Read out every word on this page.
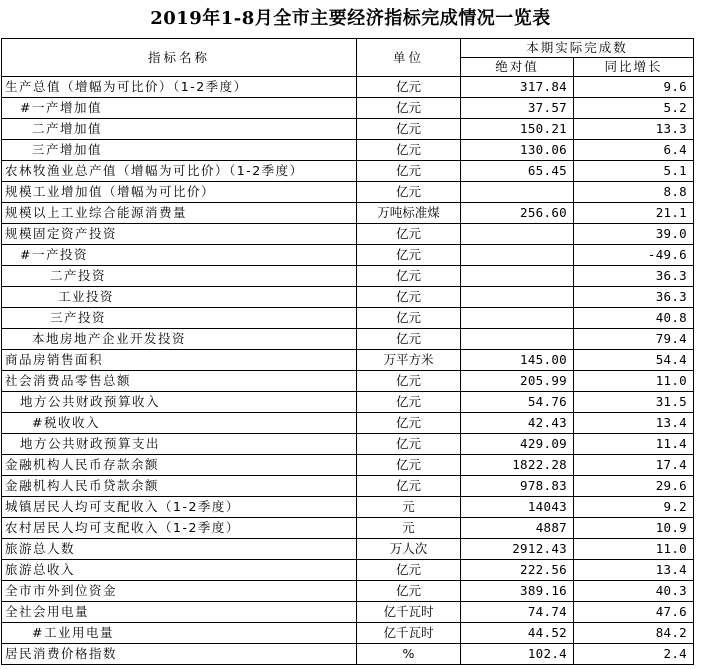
2019年1-8月全市主要经济指标完成情况一览表
指标名称	单位	本期实际完成数	
		绝对值	同比增长
生产总值（增幅为可比价）（1-2季度）	亿元	317.84	9.6
#一产增加值	亿元	37.57	5.2
二产增加值	亿元	150.21	13.3
三产增加值	亿元	130.06	6.4
农林牧渔业总产值（增幅为可比价）（1-2季度）	亿元	65.45	5.1
规模工业增加值（增幅为可比价）	亿元		8.8
规模以上工业综合能源消费量	万吨标准煤	256.60	21.1
规模固定资产投资	亿元		39.0
#一产投资	亿元		-49.6
二产投资	亿元		36.3
工业投资	亿元		36.3
三产投资	亿元		40.8
本地房地产企业开发投资	亿元		79.4
商品房销售面积	万平方米	145.00	54.4
社会消费品零售总额	亿元	205.99	11.0
地方公共财政预算收入	亿元	54.76	31.5
#税收收入	亿元	42.43	13.4
地方公共财政预算支出	亿元	429.09	11.4
金融机构人民币存款余额	亿元	1822.28	17.4
金融机构人民币贷款余额	亿元	978.83	29.6
城镇居民人均可支配收入（1-2季度）	元	14043	9.2
农村居民人均可支配收入（1-2季度）	元	4887	10.9
旅游总人数	万人次	2912.43	11.0
旅游总收入	亿元	222.56	13.4
全市市外到位资金	亿元	389.16	40.3
全社会用电量	亿千瓦时	74.74	47.6
#工业用电量	亿千瓦时	44.52	84.2
居民消费价格指数	%	102.4	2.4
